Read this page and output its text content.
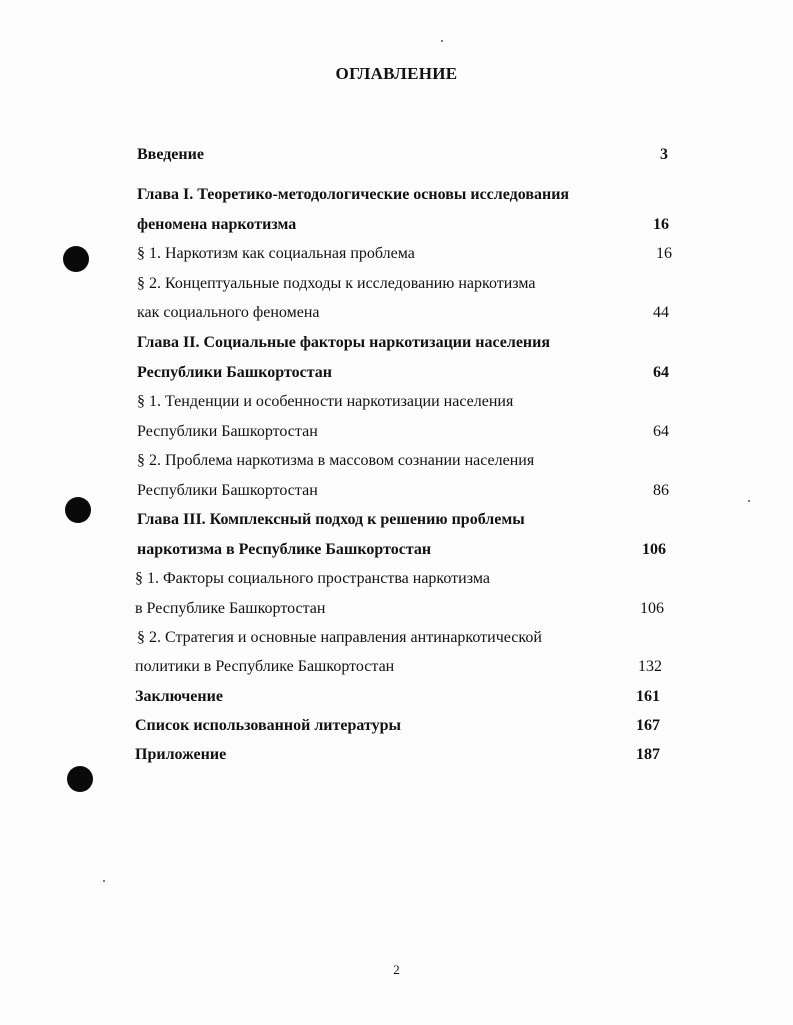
ОГЛАВЛЕНИЕ
Введение	3
Глава I. Теоретико-методологические основы исследования
феномена наркотизма	16
§ 1. Наркотизм как социальная проблема	16
§ 2. Концептуальные подходы к исследованию наркотизма
как социального феномена	44
Глава II. Социальные факторы наркотизации населения
Республики Башкортостан	64
§ 1. Тенденции и особенности наркотизации населения
Республики Башкортостан	64
§ 2. Проблема наркотизма в массовом сознании населения
Республики Башкортостан	86
Глава III. Комплексный подход к решению проблемы
наркотизма в Республике Башкортостан	106
§ 1. Факторы социального пространства наркотизма
в Республике Башкортостан	106
§ 2. Стратегия и основные направления антинаркотической
политики в Республике Башкортостан	132
Заключение	161
Список использованной литературы	167
Приложение	187
2
